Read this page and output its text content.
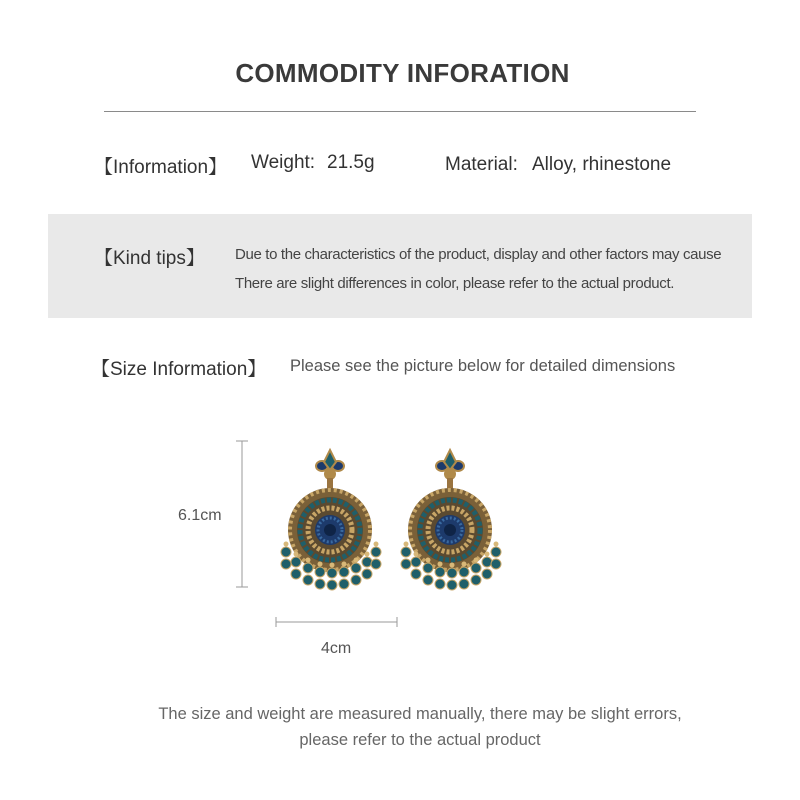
COMMODITY INFORATION
【Information】 Weight: 21.5g	Material: Alloy, rhinestone
【Kind tips】 Due to the characteristics of the product, display and other factors may cause
There are slight differences in color, please refer to the actual product.
【Size Information】 Please see the picture below for detailed dimensions
6.1cm
4cm
The size and weight are measured manually, there may be slight errors,
please refer to the actual product
